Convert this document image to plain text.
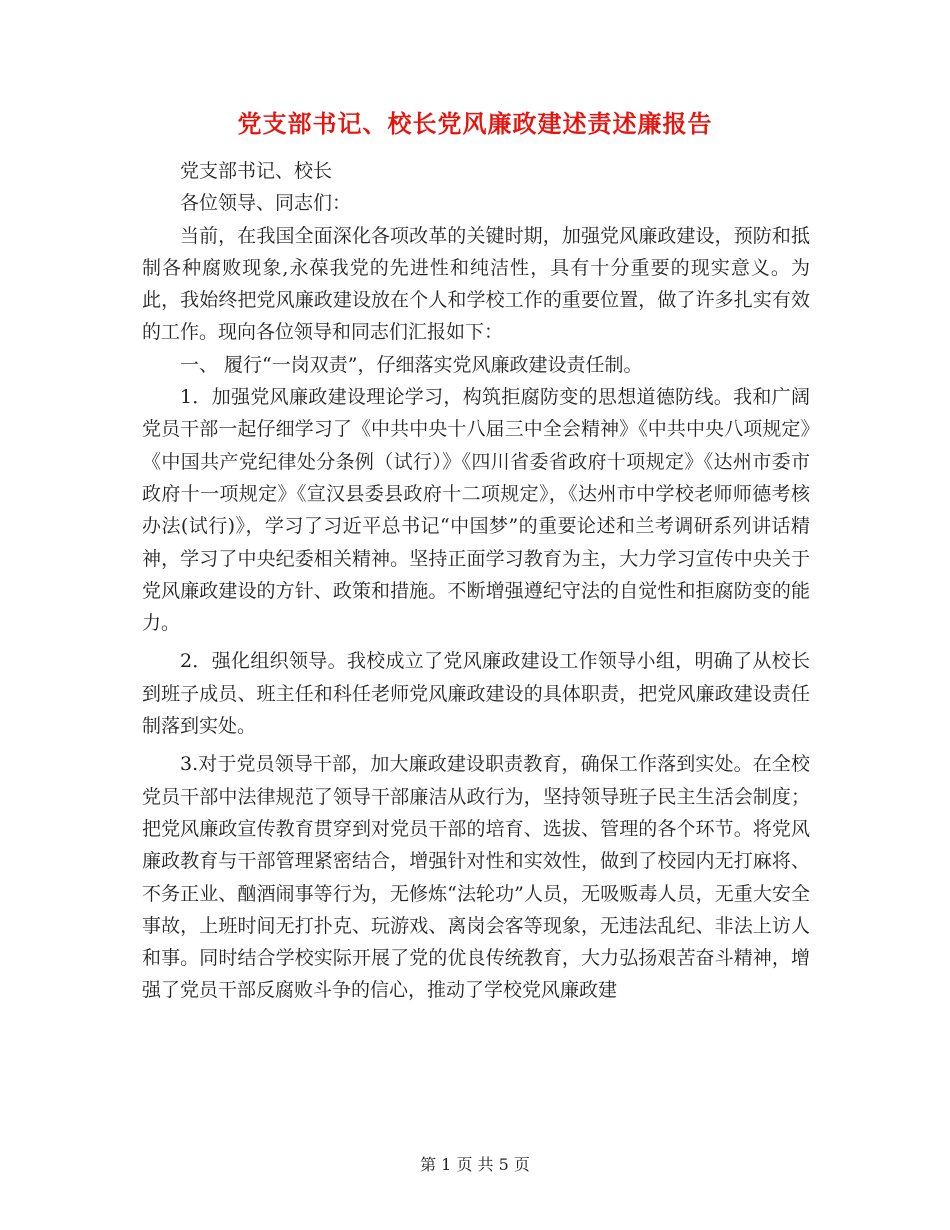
党支部书记、校长党风廉政建述责述廉报告

党支部书记、校长

各位领导、同志们：

当前，在我国全面深化各项改革的关键时期，加强党风廉政建设，预防和抵制各种腐败现象,永葆我党的先进性和纯洁性，具有十分重要的现实意义。为此，我始终把党风廉政建设放在个人和学校工作的重要位置，做了许多扎实有效的工作。现向各位领导和同志们汇报如下：

一、 履行“一岗双责”，仔细落实党风廉政建设责任制。

1．加强党风廉政建设理论学习，构筑拒腐防变的思想道德防线。我和广阔党员干部一起仔细学习了《中共中央十八届三中全会精神》《中共中央八项规定》《中国共产党纪律处分条例（试行）》《四川省委省政府十项规定》《达州市委市政府十一项规定》《宣汉县委县政府十二项规定》，《达州市中学校老师师德考核办法(试行)》，学习了习近平总书记“中国梦”的重要论述和兰考调研系列讲话精神，学习了中央纪委相关精神。坚持正面学习教育为主，大力学习宣传中央关于党风廉政建设的方针、政策和措施。不断增强遵纪守法的自觉性和拒腐防变的能力。

2．强化组织领导。我校成立了党风廉政建设工作领导小组，明确了从校长到班子成员、班主任和科任老师党风廉政建设的具体职责，把党风廉政建设责任制落到实处。

3.对于党员领导干部，加大廉政建设职责教育，确保工作落到实处。在全校党员干部中法律规范了领导干部廉洁从政行为，坚持领导班子民主生活会制度；把党风廉政宣传教育贯穿到对党员干部的培育、选拔、管理的各个环节。将党风廉政教育与干部管理紧密结合，增强针对性和实效性，做到了校园内无打麻将、不务正业、酗酒闹事等行为，无修炼“法轮功”人员，无吸贩毒人员，无重大安全事故，上班时间无打扑克、玩游戏、离岗会客等现象，无违法乱纪、非法上访人和事。同时结合学校实际开展了党的优良传统教育，大力弘扬艰苦奋斗精神，增强了党员干部反腐败斗争的信心，推动了学校党风廉政建

第 1 页 共 5 页
